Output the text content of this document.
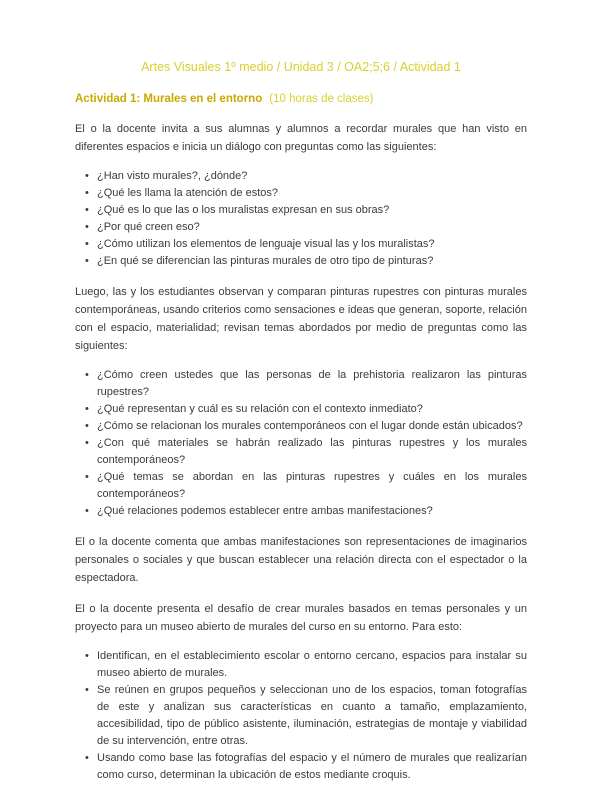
Artes Visuales 1º medio / Unidad 3 / OA2;5;6 / Actividad 1

Actividad 1: Murales en el entorno (10 horas de clases)

El o la docente invita a sus alumnas y alumnos a recordar murales que han visto en diferentes espacios e inicia un diálogo con preguntas como las siguientes:

• ¿Han visto murales?, ¿dónde?
• ¿Qué les llama la atención de estos?
• ¿Qué es lo que las o los muralistas expresan en sus obras?
• ¿Por qué creen eso?
• ¿Cómo utilizan los elementos de lenguaje visual las y los muralistas?
• ¿En qué se diferencian las pinturas murales de otro tipo de pinturas?

Luego, las y los estudiantes observan y comparan pinturas rupestres con pinturas murales contemporáneas, usando criterios como sensaciones e ideas que generan, soporte, relación con el espacio, materialidad; revisan temas abordados por medio de preguntas como las siguientes:

• ¿Cómo creen ustedes que las personas de la prehistoria realizaron las pinturas rupestres?
• ¿Qué representan y cuál es su relación con el contexto inmediato?
• ¿Cómo se relacionan los murales contemporáneos con el lugar donde están ubicados?
• ¿Con qué materiales se habrán realizado las pinturas rupestres y los murales contemporáneos?
• ¿Qué temas se abordan en las pinturas rupestres y cuáles en los murales contemporáneos?
• ¿Qué relaciones podemos establecer entre ambas manifestaciones?

El o la docente comenta que ambas manifestaciones son representaciones de imaginarios personales o sociales y que buscan establecer una relación directa con el espectador o la espectadora.

El o la docente presenta el desafío de crear murales basados en temas personales y un proyecto para un museo abierto de murales del curso en su entorno. Para esto:

• Identifican, en el establecimiento escolar o entorno cercano, espacios para instalar su museo abierto de murales.
• Se reúnen en grupos pequeños y seleccionan uno de los espacios, toman fotografías de este y analizan sus características en cuanto a tamaño, emplazamiento, accesibilidad, tipo de público asistente, iluminación, estrategias de montaje y viabilidad de su intervención, entre otras.
• Usando como base las fotografías del espacio y el número de murales que realizarían como curso, determinan la ubicación de estos mediante croquis.
